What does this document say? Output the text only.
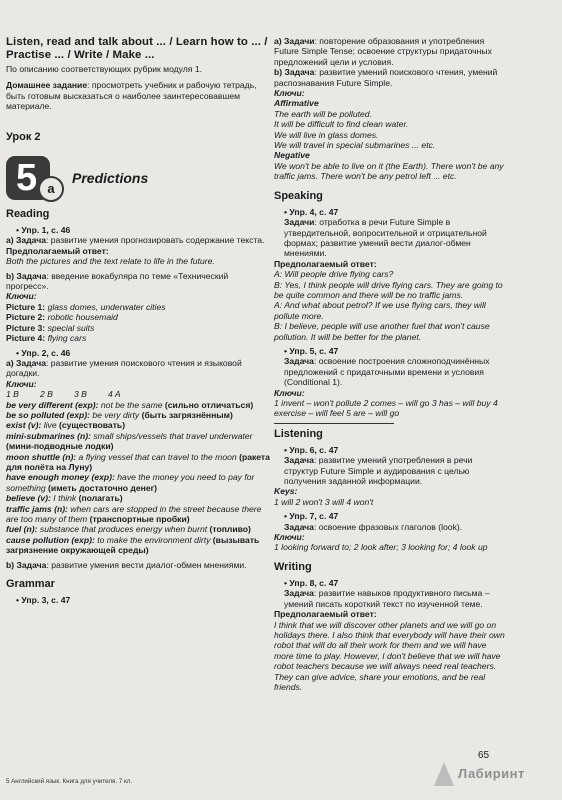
Listen, read and talk about ... / Learn how to ... / Practise ... / Write / Make ...
По описанию соответствующих рубрик модуля 1.
Домашнее задание: просмотреть учебник и рабочую тетрадь, быть готовым высказаться о наиболее заинтересовавшем материале.
Урок 2
5 a
Predictions
Reading
• Упр. 1, с. 46
а) Задача: развитие умения прогнозировать содержание текста.
Предполагаемый ответ:
Both the pictures and the text relate to life in the future.
b) Задача: введение вокабуляра по теме «Технический прогресс».
Ключи:
Picture 1: glass domes, underwater cities
Picture 2: robotic housemaid
Picture 3: special suits
Picture 4: flying cars
• Упр. 2, с. 46
а) Задача: развитие умения поискового чтения и языковой догадки.
Ключи:
1 B 2 B 3 B 4 A
be very different (exp): not be the same (сильно отличаться)
be so polluted (exp): be very dirty (быть загрязнённым)
exist (v): live (существовать)
mini-submarines (n): small ships/vessels that travel underwater (мини-подводные лодки)
moon shuttle (n): a flying vessel that can travel to the moon (ракета для полёта на Луну)
have enough money (exp): have the money you need to pay for something (иметь достаточно денег)
believe (v): I think (полагать)
traffic jams (n): when cars are stopped in the street because there are too many of them (транспортные пробки)
fuel (n): substance that produces energy when burnt (топливо)
cause pollution (exp): to make the environment dirty (вызывать загрязнение окружающей среды)
b) Задача: развитие умения вести диалог-обмен мнениями.
Grammar
• Упр. 3, с. 47
а) Задачи: повторение образования и употребления Future Simple Tense; освоение структуры придаточных предложений цели и условия.
b) Задача: развитие умений поискового чтения, умений распознавания Future Simple.
Ключи:
Affirmative
The earth will be polluted.
It will be difficult to find clean water.
We will live in glass domes.
We will travel in special submarines ... etc.
Negative
We won't be able to live on it (the Earth). There won't be any traffic jams. There won't be any petrol left ... etc.
Speaking
• Упр. 4, с. 47
Задачи: отработка в речи Future Simple в утвердительной, вопросительной и отрицательной формах; развитие умений вести диалог-обмен мнениями.
Предполагаемый ответ:
A: Will people drive flying cars?
B: Yes, I think people will drive flying cars. They are going to be quite common and there will be no traffic jams.
A: And what about petrol? If we use flying cars, they will pollute more.
B: I believe, people will use another fuel that won't cause pollution. It will be better for the planet.
• Упр. 5, с. 47
Задача: освоение построения сложноподчинённых предложений с придаточными времени и условия (Conditional 1).
Ключи:
1 invent – won't pollute 2 comes – will go 3 has – will buy 4 exercise – will feel 5 are – will go
Listening
• Упр. 6, с. 47
Задача: развитие умений употребления в речи структур Future Simple и аудирования с целью получения заданной информации.
Keys:
1 will 2 won't 3 will 4 won't
• Упр. 7, с. 47
Задача: освоение фразовых глаголов (look).
Ключи:
1 looking forward to; 2 look after; 3 looking for; 4 look up
Writing
• Упр. 8, с. 47
Задача: развитие навыков продуктивного письма – умений писать короткий текст по изученной теме.
Предполагаемый ответ:
I think that we will discover other planets and we will go on holidays there. I also think that everybody will have their own robot that will do all their work for them and we will have more time to play. However, I don't believe that we will have robot teachers because we will always need real teachers. They can give advice, share your emotions, and be real friends.
65
Лабиринт
5 Английский язык. Книга для учителя. 7 кл.
